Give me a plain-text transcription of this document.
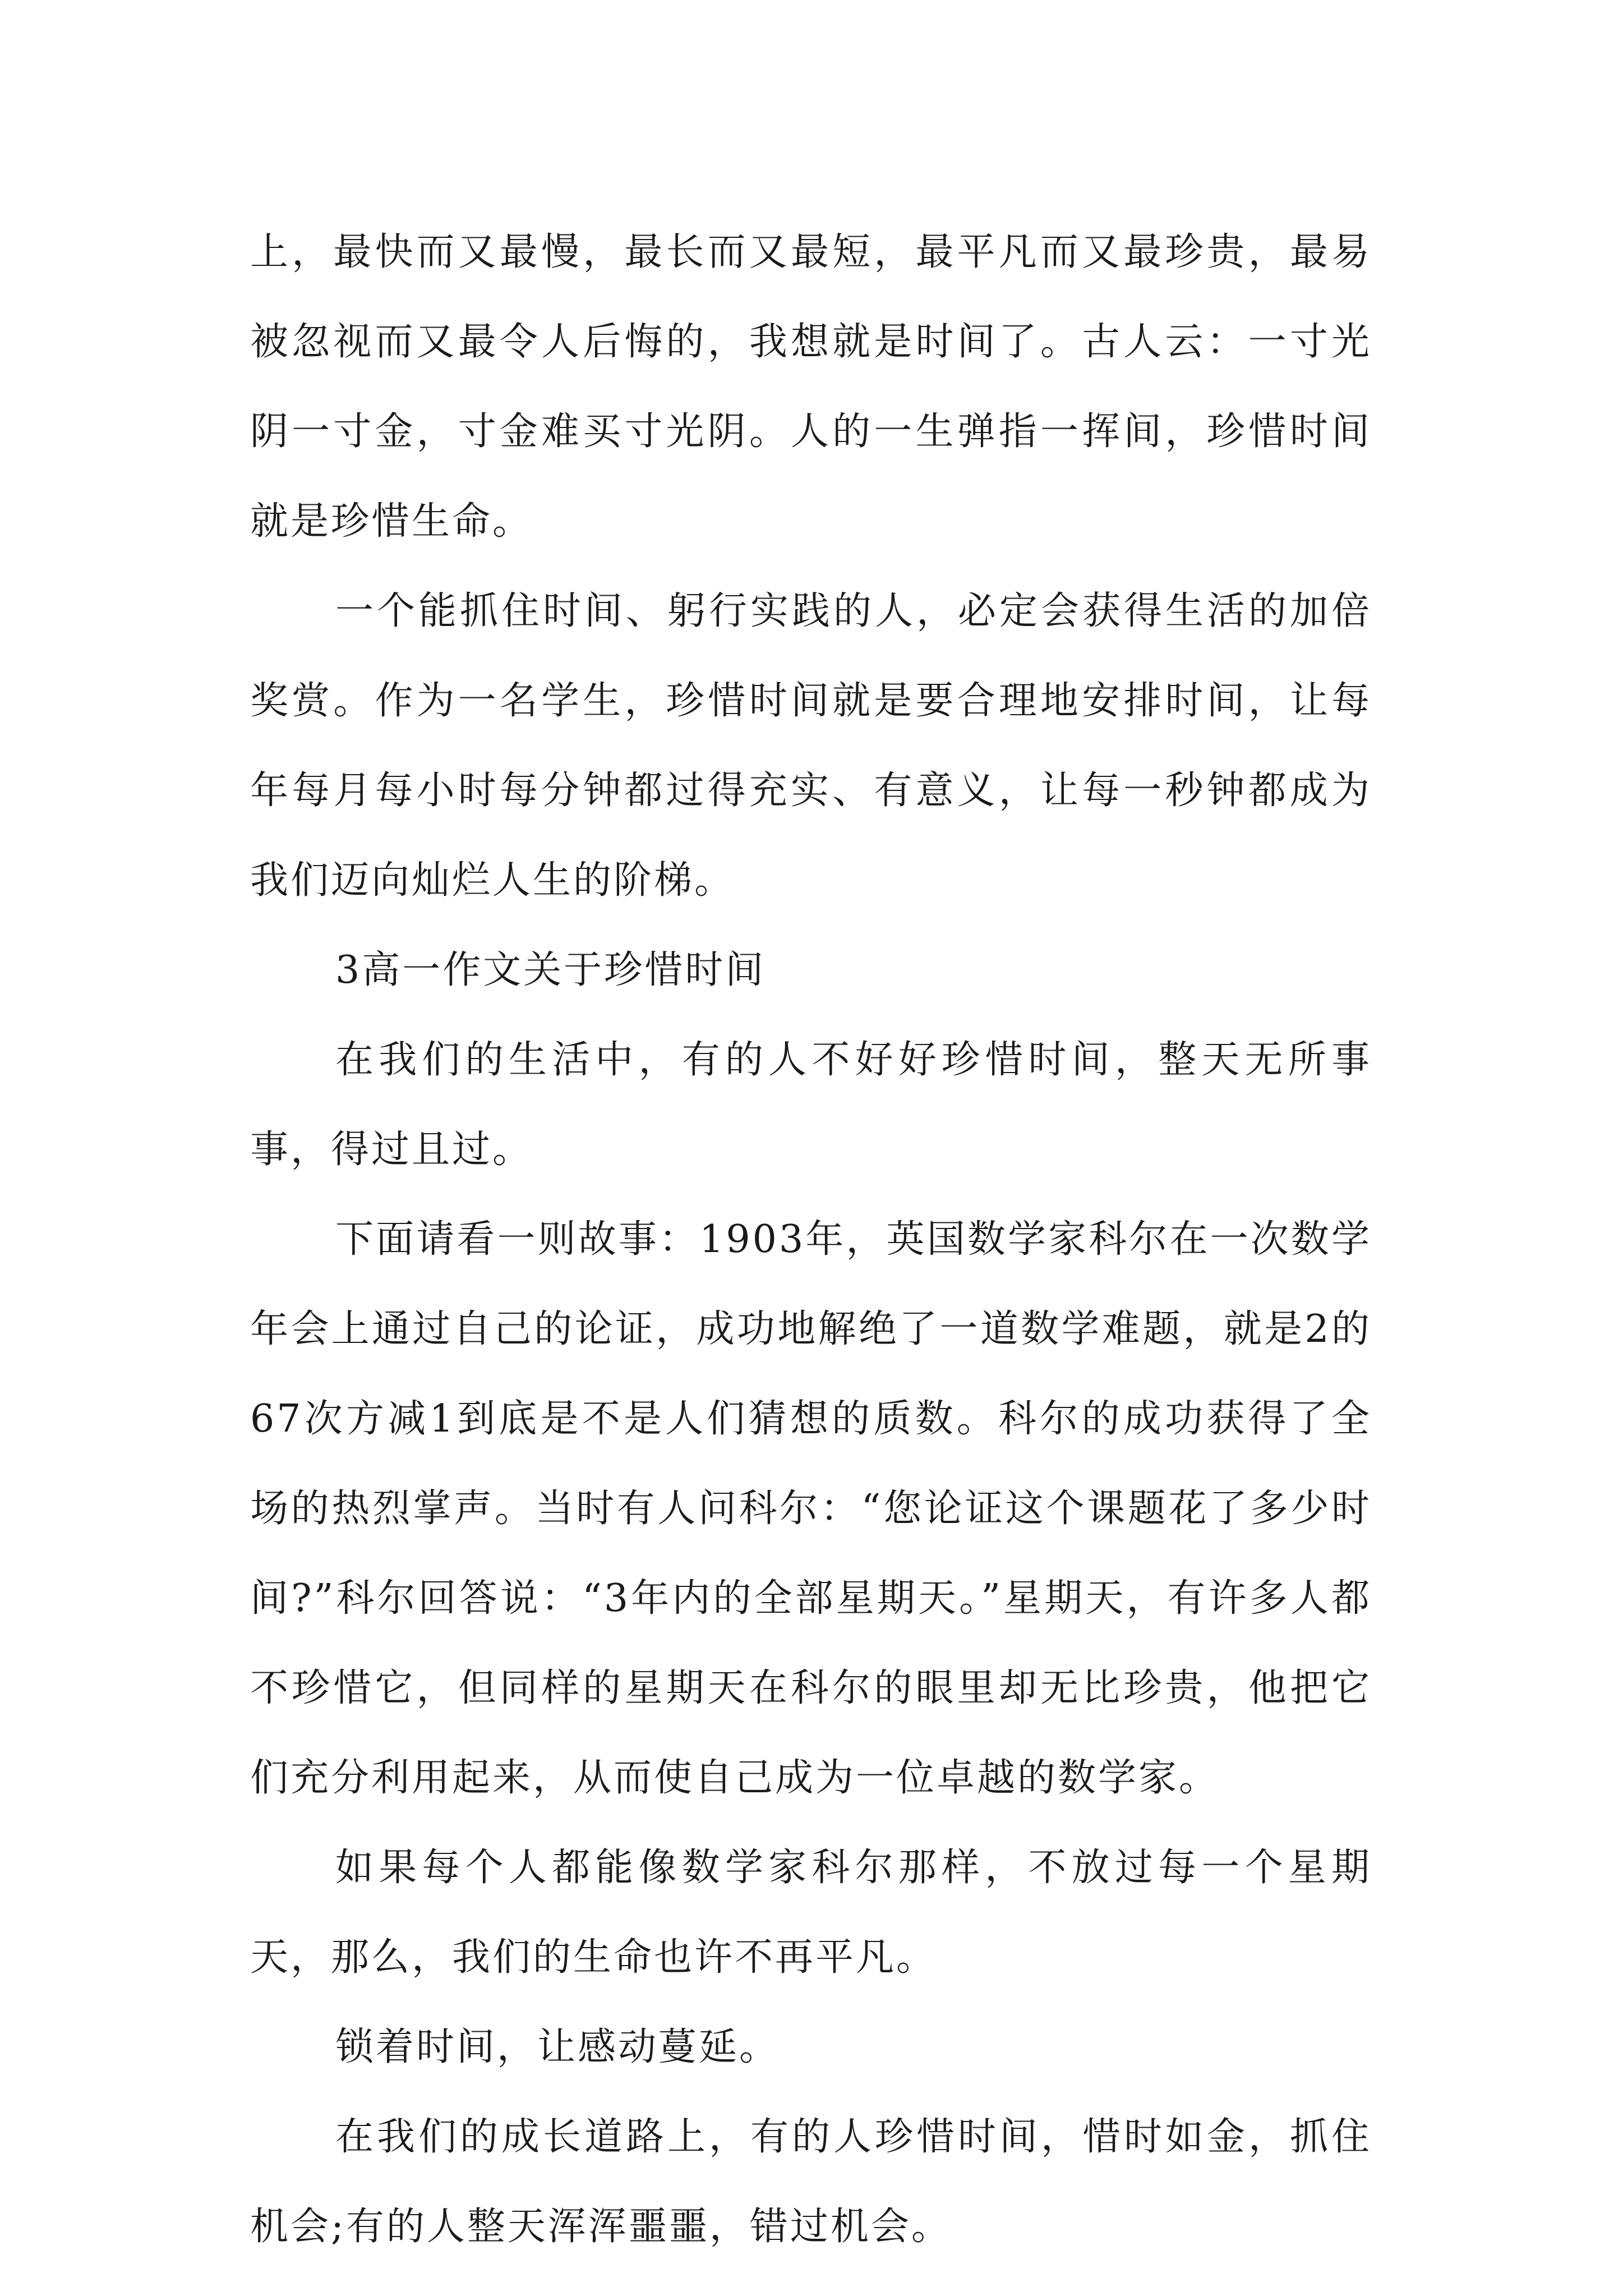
上，最快而又最慢，最长而又最短，最平凡而又最珍贵，最易被忽视而又最令人后悔的，我想就是时间了。古人云：一寸光阴一寸金，寸金难买寸光阴。人的一生弹指一挥间，珍惜时间就是珍惜生命。

一个能抓住时间、躬行实践的人，必定会获得生活的加倍奖赏。作为一名学生，珍惜时间就是要合理地安排时间，让每年每月每小时每分钟都过得充实、有意义，让每一秒钟都成为我们迈向灿烂人生的阶梯。

3高一作文关于珍惜时间

在我们的生活中，有的人不好好珍惜时间，整天无所事事，得过且过。

下面请看一则故事：1903年，英国数学家科尔在一次数学年会上通过自己的论证，成功地解绝了一道数学难题，就是2的67次方减1到底是不是人们猜想的质数。科尔的成功获得了全场的热烈掌声。当时有人问科尔：“您论证这个课题花了多少时间?”科尔回答说：“3年内的全部星期天。”星期天，有许多人都不珍惜它，但同样的星期天在科尔的眼里却无比珍贵，他把它们充分利用起来，从而使自己成为一位卓越的数学家。

如果每个人都能像数学家科尔那样，不放过每一个星期天，那么，我们的生命也许不再平凡。

锁着时间，让感动蔓延。

在我们的成长道路上，有的人珍惜时间，惜时如金，抓住机会;有的人整天浑浑噩噩，错过机会。
